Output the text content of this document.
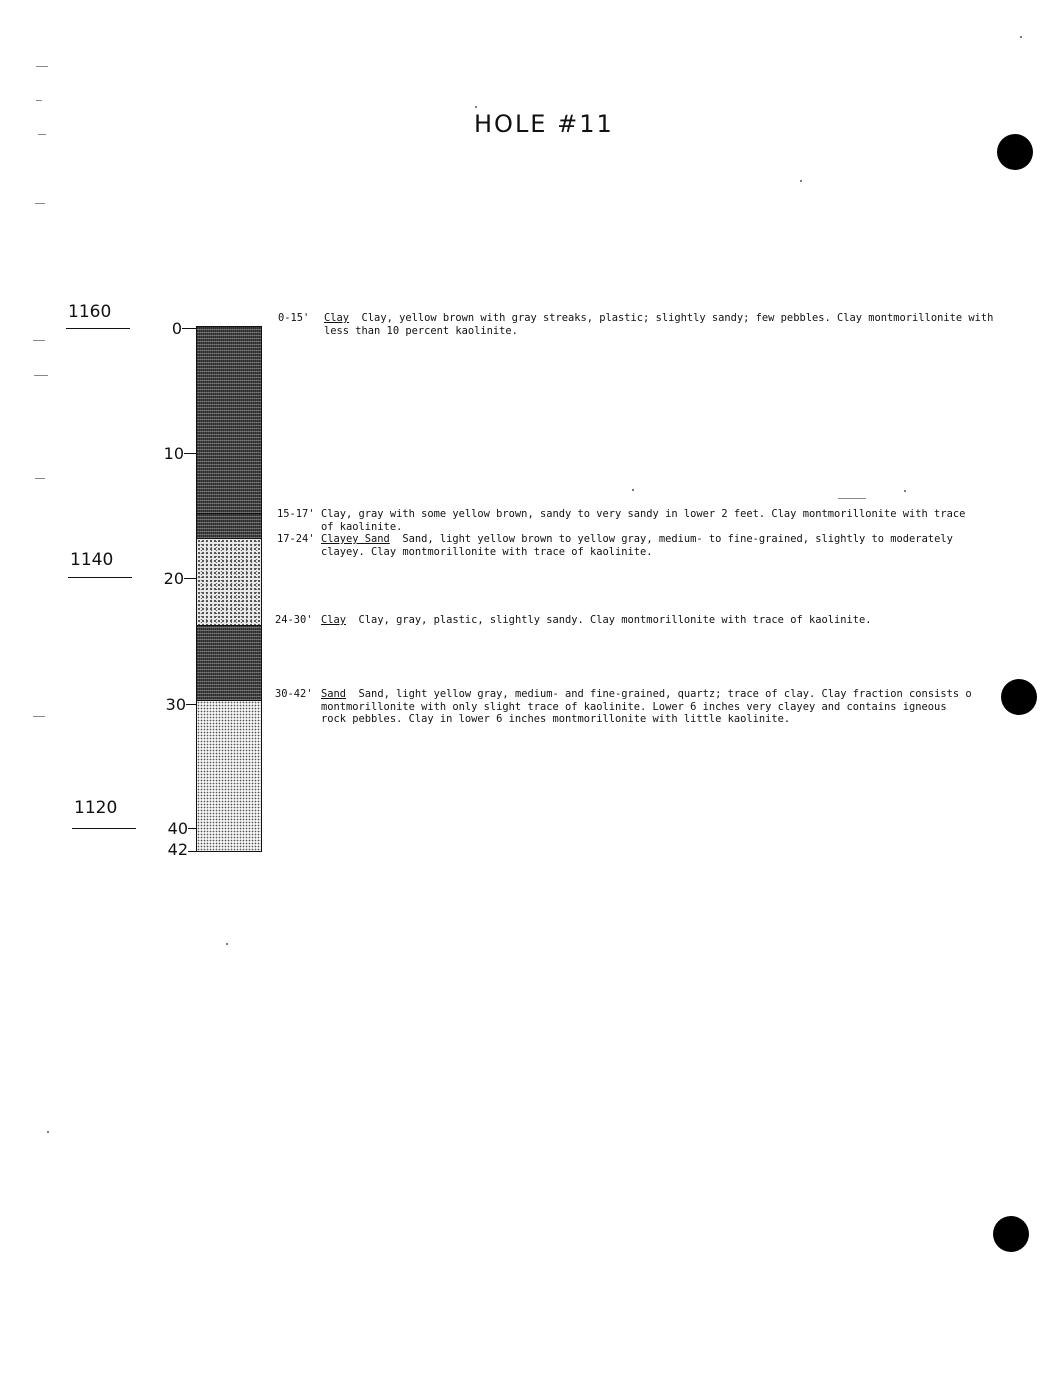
HOLE #11
1160
1140
1120
0
10
20
30
40
42
0-15' Clay Clay, yellow brown with gray streaks, plastic; slightly sandy; few pebbles. Clay montmorillonite with
less than 10 percent kaolinite.
15-17' Clay, gray with some yellow brown, sandy to very sandy in lower 2 feet. Clay montmorillonite with trace
of kaolinite.
17-24' Clayey Sand Sand, light yellow brown to yellow gray, medium- to fine-grained, slightly to moderately
clayey. Clay montmorillonite with trace of kaolinite.
24-30' Clay Clay, gray, plastic, slightly sandy. Clay montmorillonite with trace of kaolinite.
30-42' Sand Sand, light yellow gray, medium- and fine-grained, quartz; trace of clay. Clay fraction consists o
montmorillonite with only slight trace of kaolinite. Lower 6 inches very clayey and contains igneous
rock pebbles. Clay in lower 6 inches montmorillonite with little kaolinite.
